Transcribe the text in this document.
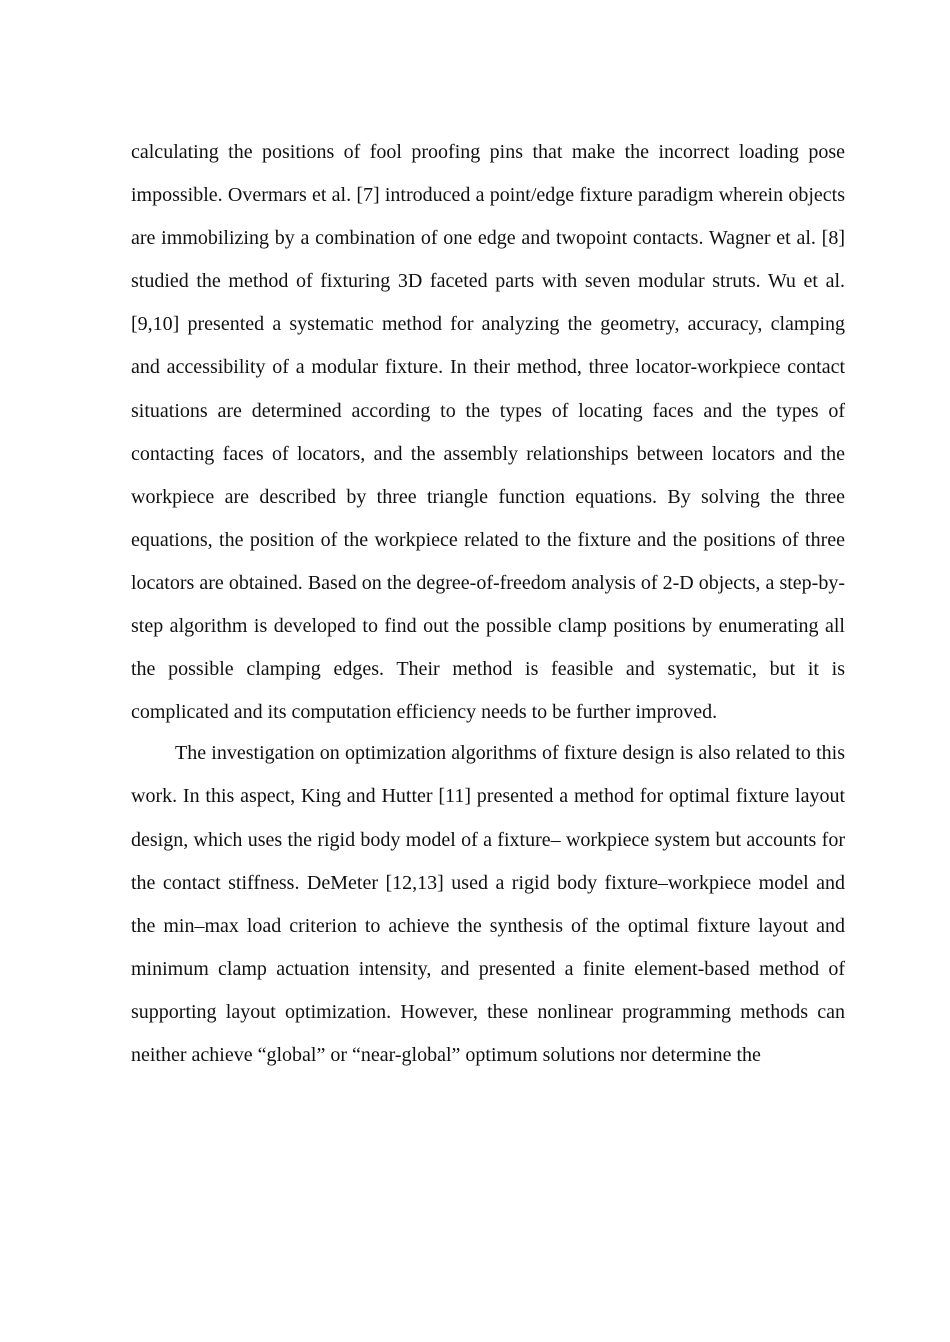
calculating the positions of fool proofing pins that make the incorrect loading pose impossible. Overmars et al. [7] introduced a point/edge fixture paradigm wherein objects are immobilizing by a combination of one edge and twopoint contacts. Wagner et al. [8] studied the method of fixturing 3D faceted parts with seven modular struts. Wu et al. [9,10] presented a systematic method for analyzing the geometry, accuracy, clamping and accessibility of a modular fixture. In their method, three locator-workpiece contact situations are determined according to the types of locating faces and the types of contacting faces of locators, and the assembly relationships between locators and the workpiece are described by three triangle function equations. By solving the three equations, the position of the workpiece related to the fixture and the positions of three locators are obtained. Based on the degree-of-freedom analysis of 2-D objects, a step-by-step algorithm is developed to find out the possible clamp positions by enumerating all the possible clamping edges. Their method is feasible and systematic, but it is complicated and its computation efficiency needs to be further improved.

The investigation on optimization algorithms of fixture design is also related to this work. In this aspect, King and Hutter [11] presented a method for optimal fixture layout design, which uses the rigid body model of a fixture– workpiece system but accounts for the contact stiffness. DeMeter [12,13] used a rigid body fixture–workpiece model and the min–max load criterion to achieve the synthesis of the optimal fixture layout and minimum clamp actuation intensity, and presented a finite element-based method of supporting layout optimization. However, these nonlinear programming methods can neither achieve “global” or “near-global” optimum solutions nor determine the
